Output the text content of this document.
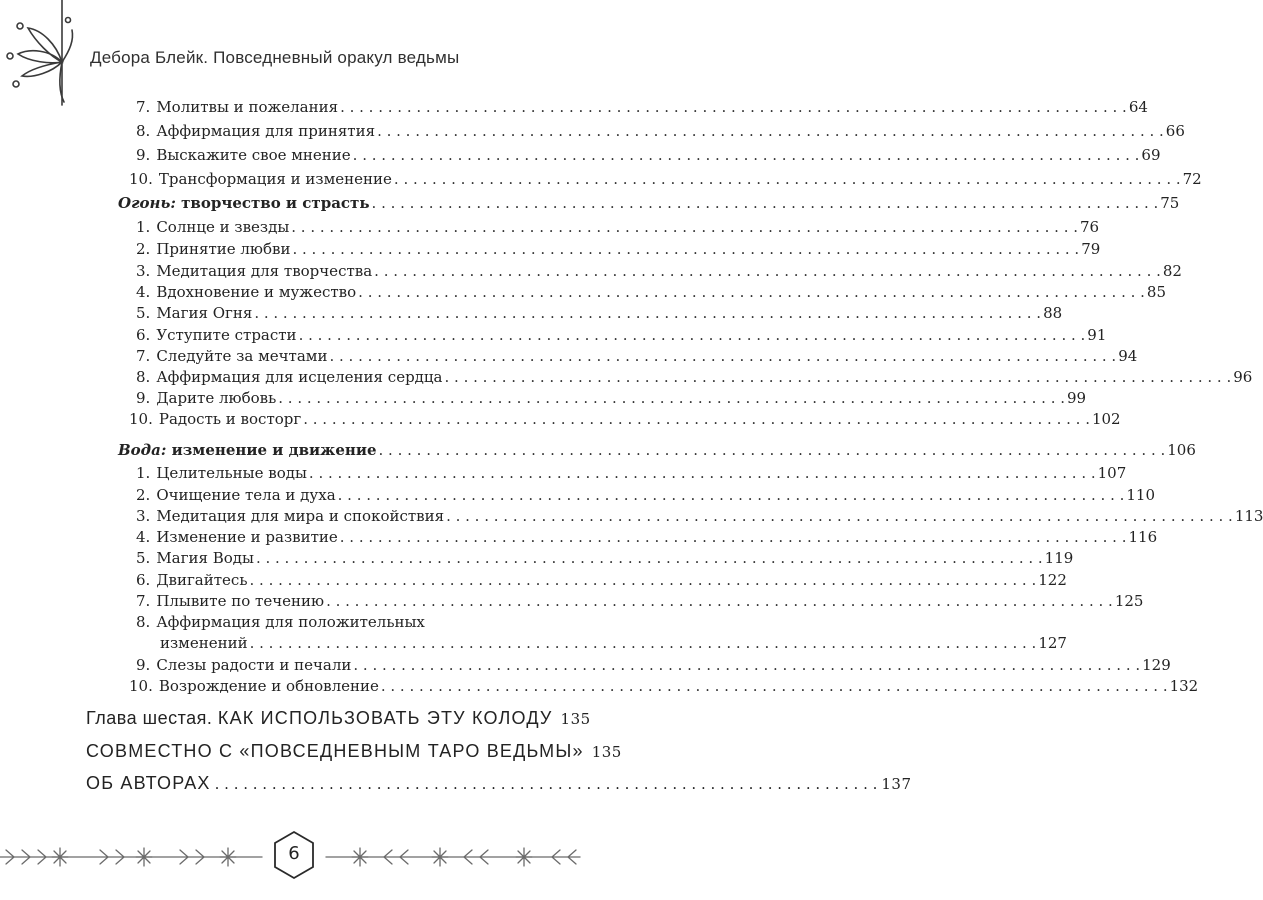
Дебора Блейк. Повседневный оракул ведьмы
7. Молитвы и пожелания . . .	64
8. Аффирмация для принятия . . .	66
9. Выскажите свое мнение . . .	69
10. Трансформация и изменение . . .	72
Огонь: творчество и страсть . . .	75
1. Солнце и звезды . . .	76
2. Принятие любви . . .	79
3. Медитация для творчества . . .	82
4. Вдохновение и мужество . . .	85
5. Магия Огня . . .	88
6. Уступите страсти . . .	91
7. Следуйте за мечтами . . .	94
8. Аффирмация для исцеления сердца . . .	96
9. Дарите любовь . . .	99
10. Радость и восторг . . .	102
Вода: изменение и движение . . .	106
1. Целительные воды . . .	107
2. Очищение тела и духа . . .	110
3. Медитация для мира и спокойствия . . .	113
4. Изменение и развитие . . .	116
5. Магия Воды . . .	119
6. Двигайтесь . . .	122
7. Плывите по течению . . .	125
8. Аффирмация для положительных
изменений . . .	127
9. Слезы радости и печали . . .	129
10. Возрождение и обновление . . .	132
Глава шестая. КАК ИСПОЛЬЗОВАТЬ ЭТУ КОЛОДУ 135
СОВМЕСТНО С «ПОВСЕДНЕВНЫМ ТАРО ВЕДЬМЫ» 135
ОБ АВТОРАХ . . .	137
6
